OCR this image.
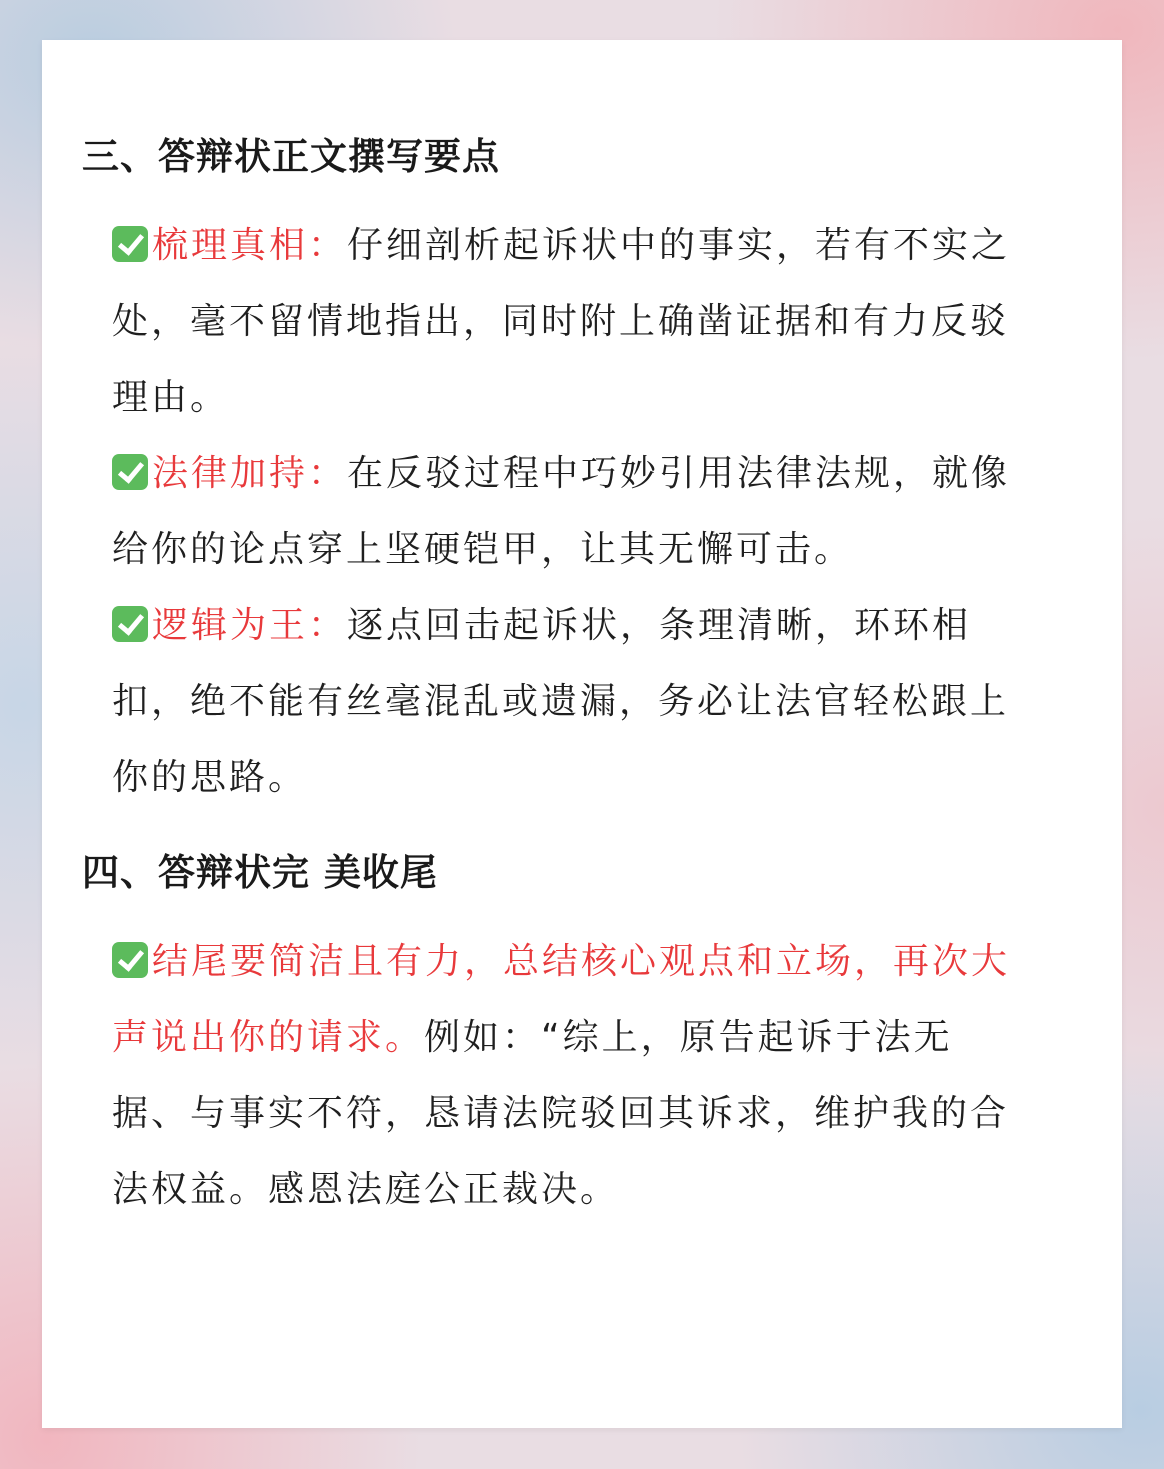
三、答辩状正文撰写要点

梳理真相：仔细剖析起诉状中的事实，若有不实之处，毫不留情地指出，同时附上确凿证据和有力反驳理由。

法律加持：在反驳过程中巧妙引用法律法规，就像给你的论点穿上坚硬铠甲，让其无懈可击。

逻辑为王：逐点回击起诉状，条理清晰，环环相扣，绝不能有丝毫混乱或遗漏，务必让法官轻松跟上 你的思路。

四、答辩状完 美收尾

结尾要简洁且有力，总结核心观点和立场，再次大声说出你的请求。例如：“综上，原告起诉于法无据、与事实不符，恳请法院驳回其诉求，维护我的合法权益。感恩法庭公正裁决。
